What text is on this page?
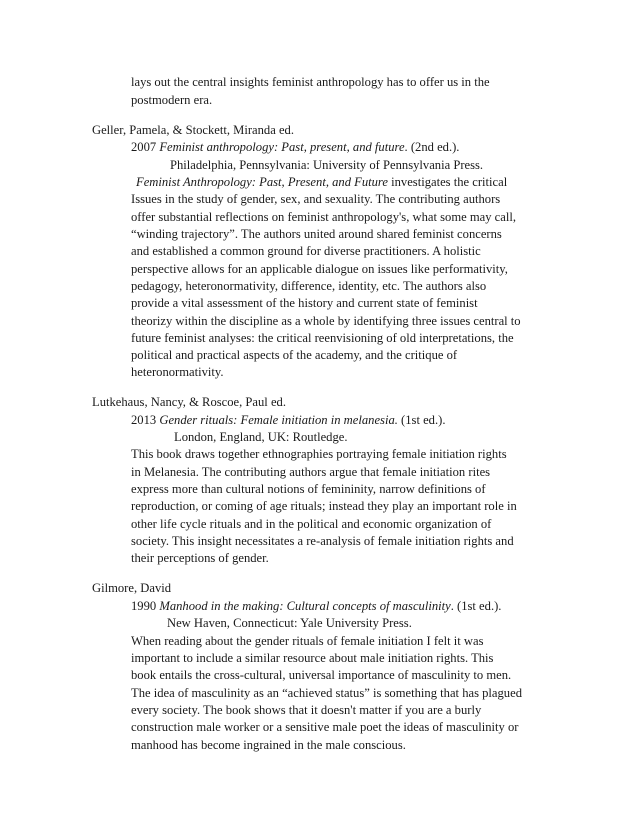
lays out the central insights feminist anthropology has to offer us in the
postmodern era.
Geller, Pamela, & Stockett, Miranda ed.
2007 Feminist anthropology: Past, present, and future. (2nd ed.).
Philadelphia, Pennsylvania: University of Pennsylvania Press.
Feminist Anthropology: Past, Present, and Future investigates the critical
Issues in the study of gender, sex, and sexuality. The contributing authors
offer substantial reflections on feminist anthropology's, what some may call,
“winding trajectory”. The authors united around shared feminist concerns
and established a common ground for diverse practitioners. A holistic
perspective allows for an applicable dialogue on issues like performativity,
pedagogy, heteronormativity, difference, identity, etc. The authors also
provide a vital assessment of the history and current state of feminist
theorizy within the discipline as a whole by identifying three issues central to
future feminist analyses: the critical reenvisioning of old interpretations, the
political and practical aspects of the academy, and the critique of
heteronormativity.
Lutkehaus, Nancy, & Roscoe, Paul ed.
2013 Gender rituals: Female initiation in melanesia. (1st ed.).
London, England, UK: Routledge.
This book draws together ethnographies portraying female initiation rights
in Melanesia. The contributing authors argue that female initiation rites
express more than cultural notions of femininity, narrow definitions of
reproduction, or coming of age rituals; instead they play an important role in
other life cycle rituals and in the political and economic organization of
society. This insight necessitates a re-analysis of female initiation rights and
their perceptions of gender.
Gilmore, David
1990 Manhood in the making: Cultural concepts of masculinity. (1st ed.).
New Haven, Connecticut: Yale University Press.
When reading about the gender rituals of female initiation I felt it was
important to include a similar resource about male initiation rights. This
book entails the cross-cultural, universal importance of masculinity to men.
The idea of masculinity as an “achieved status” is something that has plagued
every society. The book shows that it doesn't matter if you are a burly
construction male worker or a sensitive male poet the ideas of masculinity or
manhood has become ingrained in the male conscious.
